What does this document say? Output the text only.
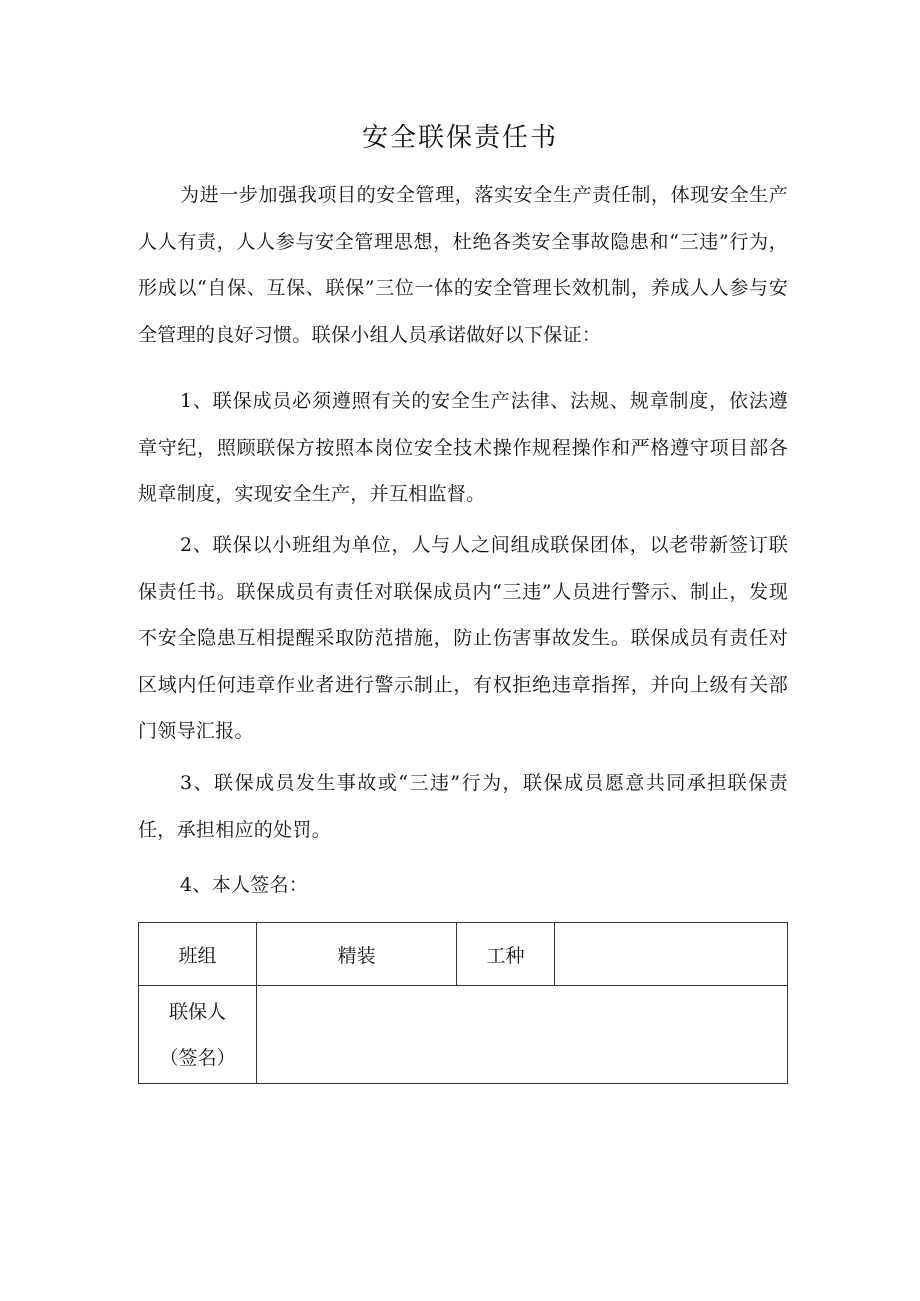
安全联保责任书

为进一步加强我项目的安全管理，落实安全生产责任制，体现安全生产人人有责，人人参与安全管理思想，杜绝各类安全事故隐患和“三违”行为，形成以“自保、互保、联保”三位一体的安全管理长效机制，养成人人参与安全管理的良好习惯。联保小组人员承诺做好以下保证：

1、联保成员必须遵照有关的安全生产法律、法规、规章制度，依法遵章守纪，照顾联保方按照本岗位安全技术操作规程操作和严格遵守项目部各规章制度，实现安全生产，并互相监督。

2、联保以小班组为单位，人与人之间组成联保团体，以老带新签订联保责任书。联保成员有责任对联保成员内“三违”人员进行警示、制止，发现不安全隐患互相提醒采取防范措施，防止伤害事故发生。联保成员有责任对区域内任何违章作业者进行警示制止，有权拒绝违章指挥，并向上级有关部门领导汇报。

3、联保成员发生事故或“三违”行为，联保成员愿意共同承担联保责任，承担相应的处罚。

4、本人签名：

班组	精装	工种	

联保人
（签名）			
